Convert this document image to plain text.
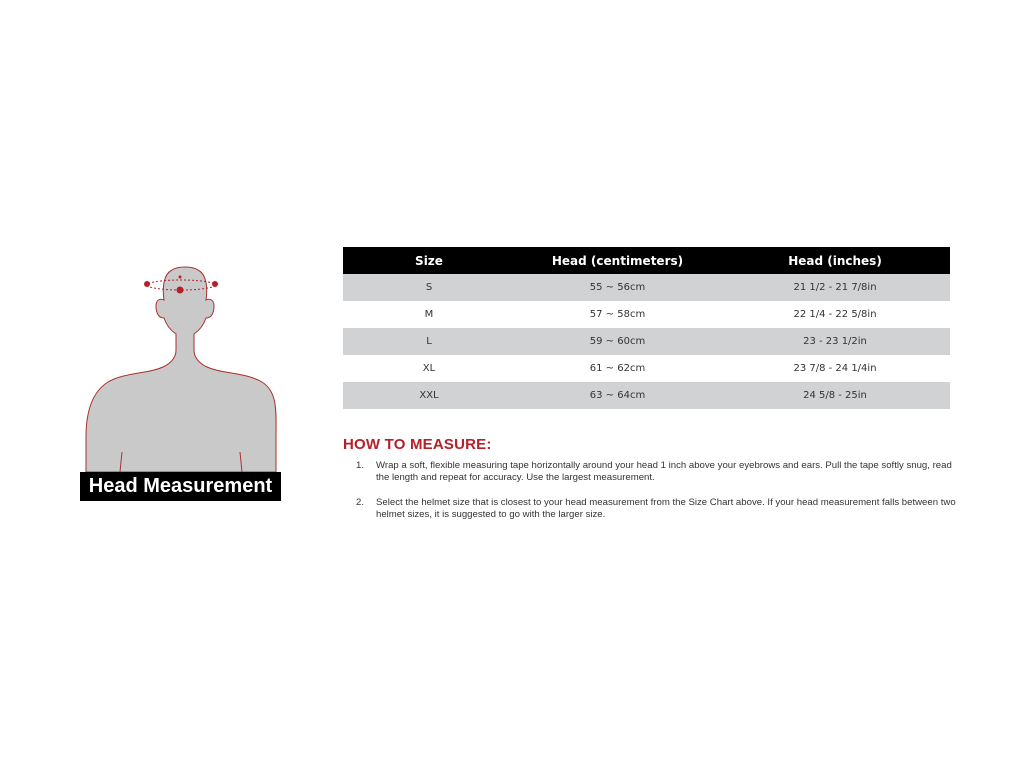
Head Measurement
Size	Head (centimeters)	Head (inches)
S	55 ~ 56cm	21 1/2 - 21 7/8in
M	57 ~ 58cm	22 1/4 - 22 5/8in
L	59 ~ 60cm	23 - 23 1/2in
XL	61 ~ 62cm	23 7/8 - 24 1/4in
XXL	63 ~ 64cm	24 5/8 - 25in
HOW TO MEASURE:
1. Wrap a soft, flexible measuring tape horizontally around your head 1 inch above your eyebrows and ears. Pull the tape softly snug, read the length and repeat for accuracy. Use the largest measurement.
2. Select the helmet size that is closest to your head measurement from the Size Chart above. If your head measurement falls between two helmet sizes, it is suggested to go with the larger size.
